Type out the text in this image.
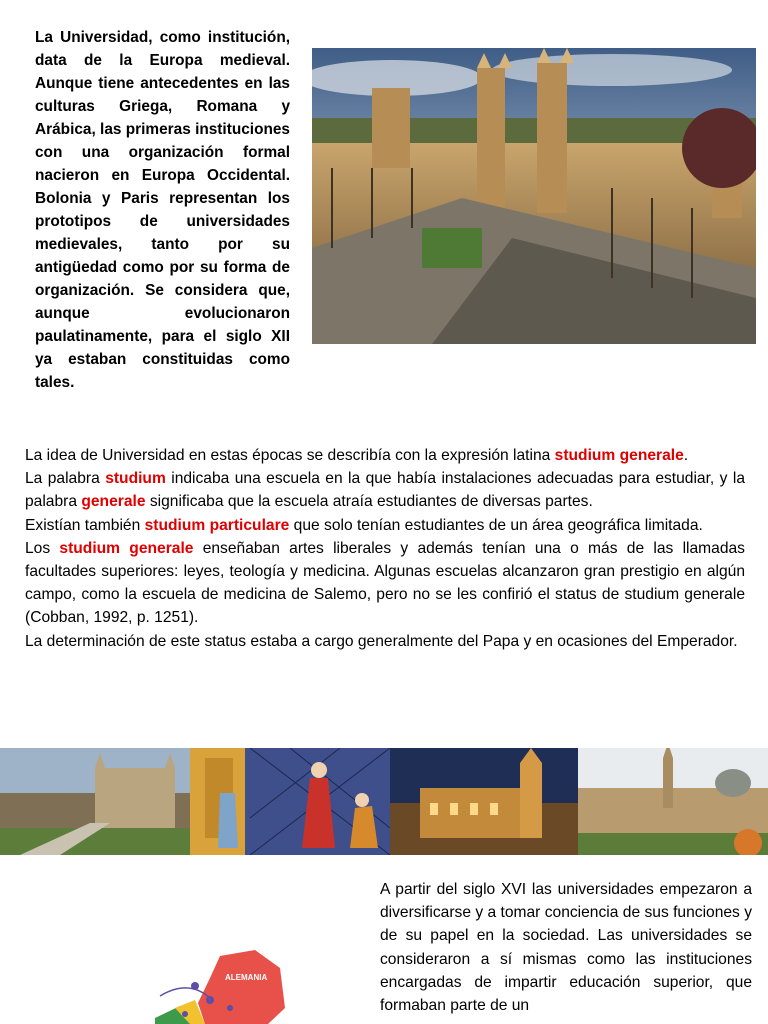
La Universidad, como institución, data de la Europa medieval. Aunque tiene antecedentes en las culturas Griega, Romana y Arábica, las primeras instituciones con una organización formal nacieron en Europa Occidental. Bolonia y Paris representan los prototipos de universidades medievales, tanto por su antigüedad como por su forma de organización. Se considera que, aunque evolucionaron paulatinamente, para el siglo XII ya estaban constituidas como tales.

La idea de Universidad en estas épocas se describía con la expresión latina studium generale.

La palabra studium indicaba una escuela en la que había instalaciones adecuadas para estudiar, y la palabra generale significaba que la escuela atraía estudiantes de diversas partes.

Existían también studium particulare que solo tenían estudiantes de un área geográfica limitada.

Los studium generale enseñaban artes liberales y además tenían una o más de las llamadas facultades superiores: leyes, teología y medicina. Algunas escuelas alcanzaron gran prestigio en algún campo, como la escuela de medicina de Salemo, pero no se les confirió el status de studium generale (Cobban, 1992, p. 1251).

La determinación de este status estaba a cargo generalmente del Papa y en ocasiones del Emperador.

ALEMANIA

A partir del siglo XVI las universidades empezaron a diversificarse y a tomar conciencia de sus funciones y de su papel en la sociedad. Las universidades se consideraron a sí mismas como las instituciones encargadas de impartir educación superior, que formaban parte de un
